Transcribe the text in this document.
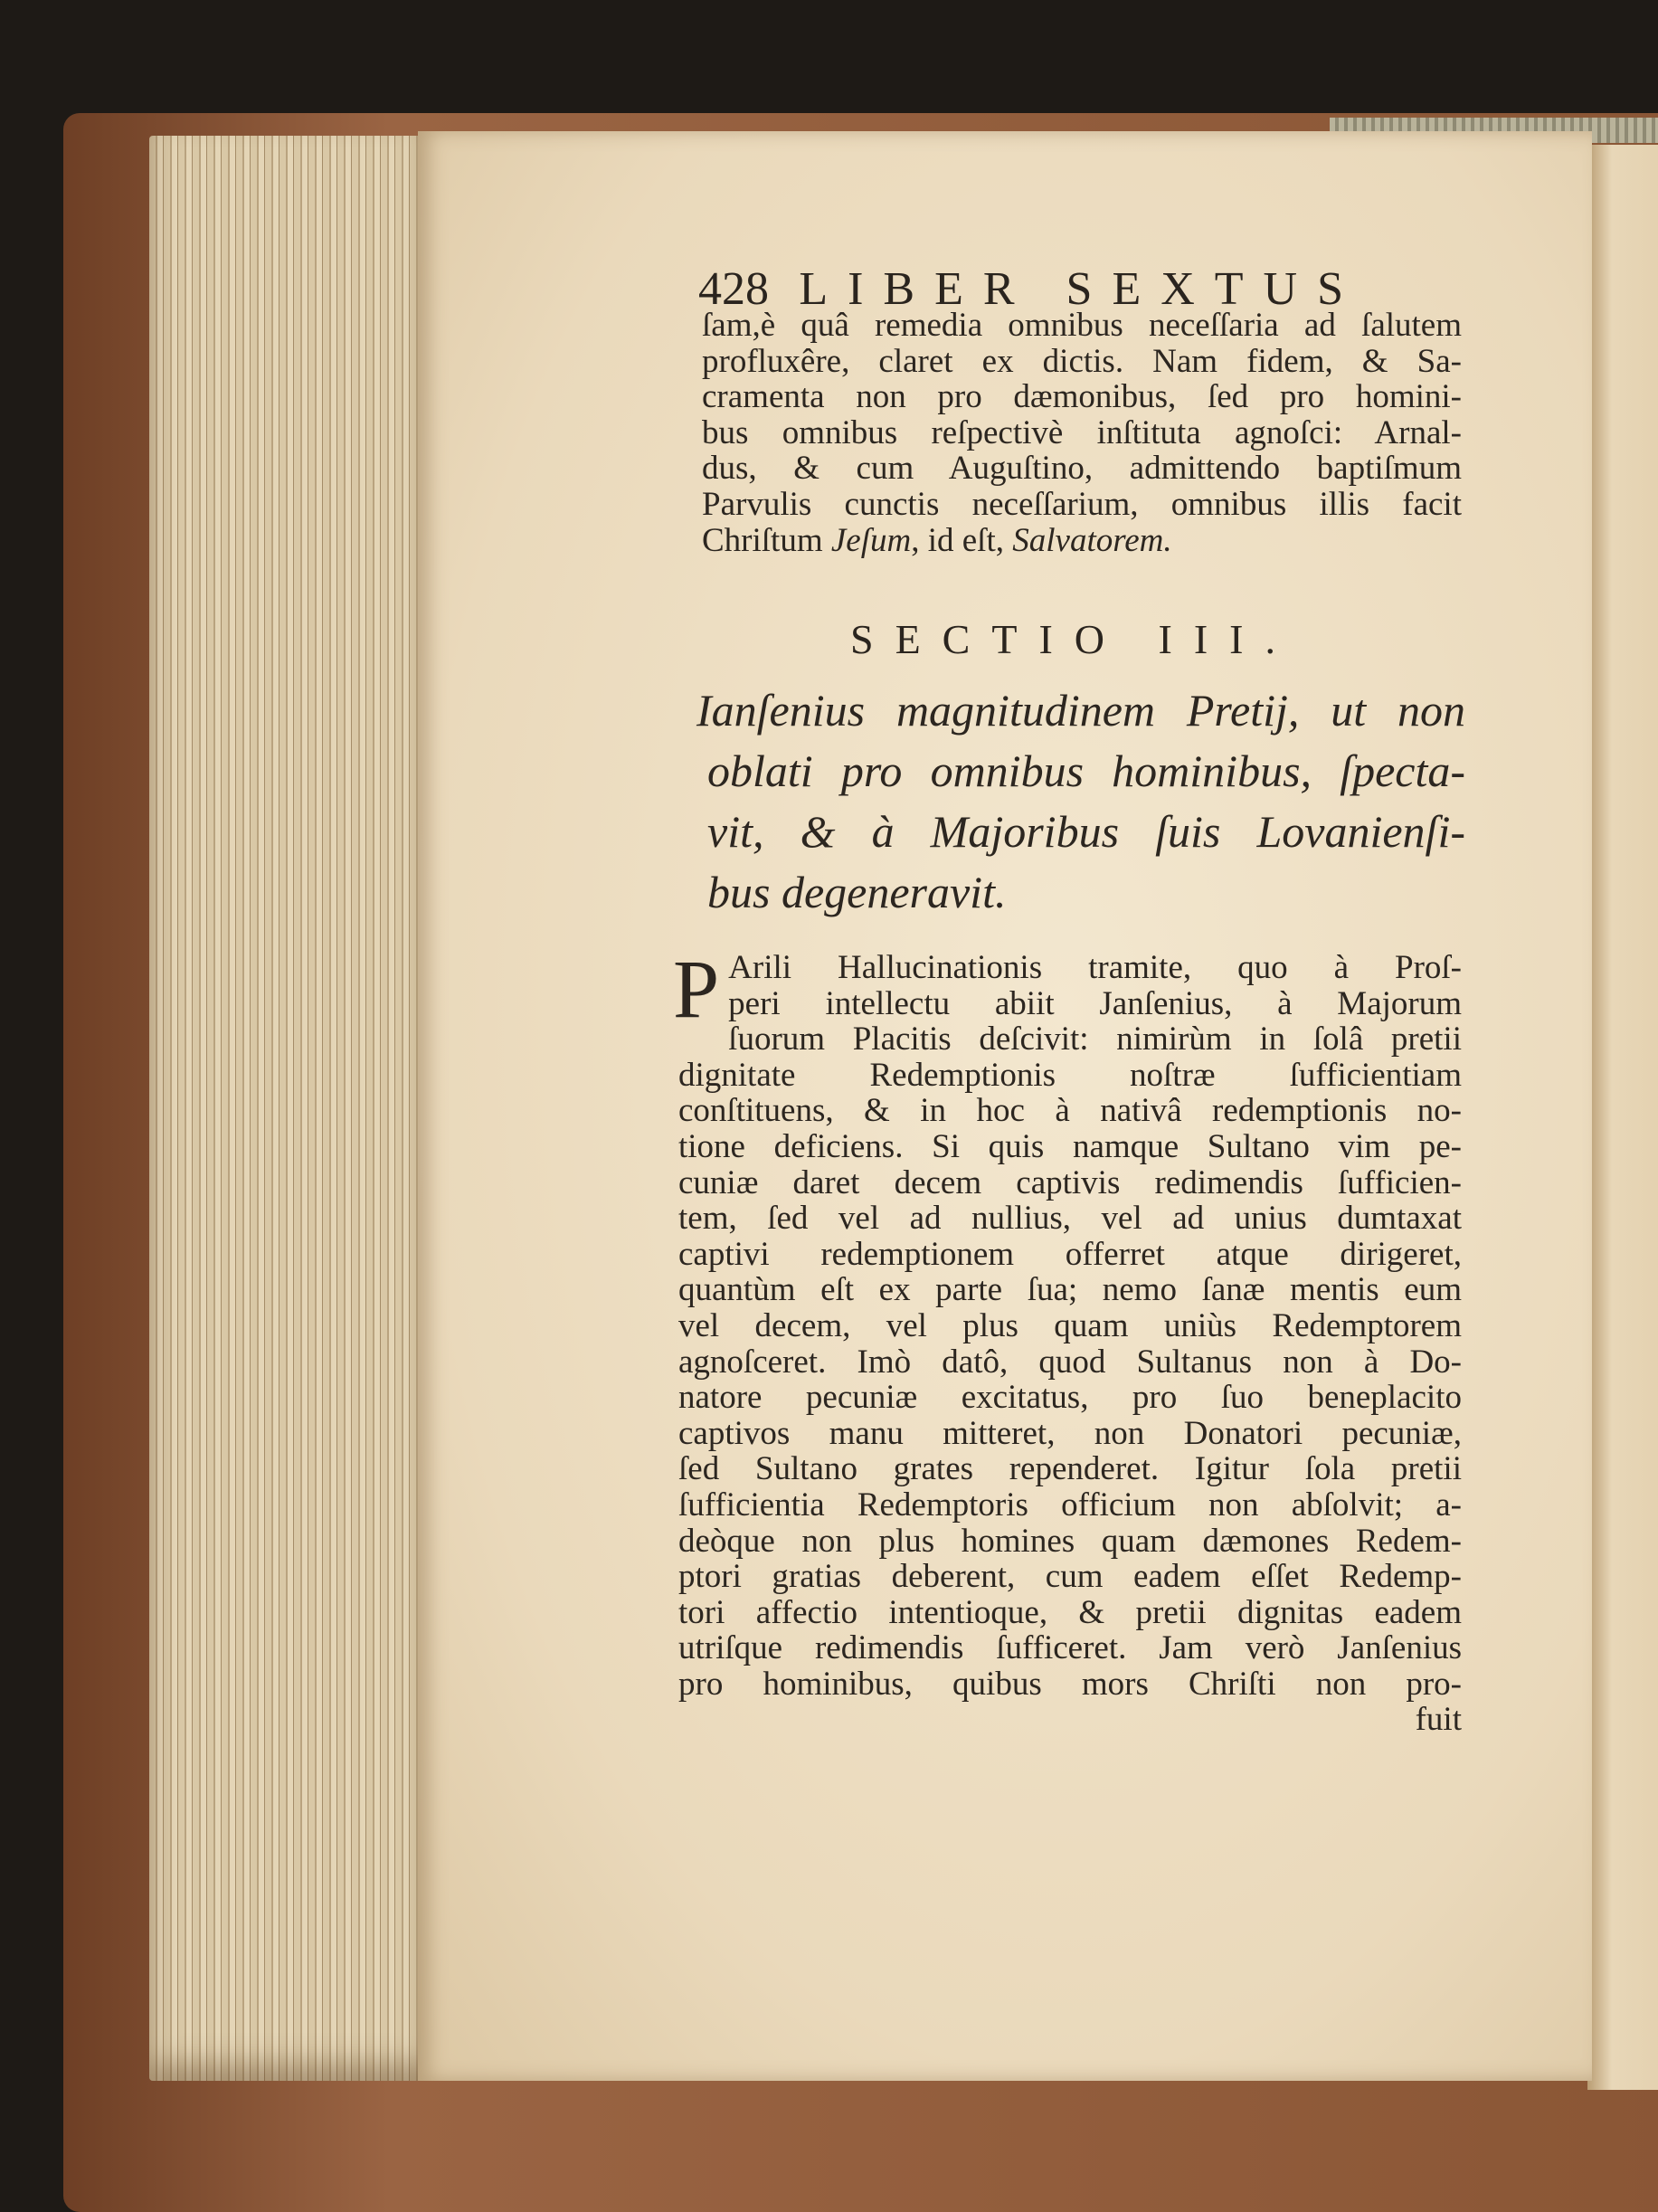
428 LIBER SEXTUS
ſam,è quâ remedia omnibus neceſſaria ad ſalutem
profluxêre, claret ex dictis. Nam fidem, & Sa-
cramenta non pro dæmonibus, ſed pro homini-
bus omnibus reſpectivè inſtituta agnoſci: Arnal-
dus, & cum Auguſtino, admittendo baptiſmum
Parvulis cunctis neceſſarium, omnibus illis facit
Chriſtum Jeſum, id eſt, Salvatorem.
SECTIO III.
Ianſenius magnitudinem Pretij, ut non
oblati pro omnibus hominibus, ſpecta-
vit, & à Majoribus ſuis Lovanienſi-
bus degeneravit.
P Arili Hallucinationis tramite, quo à Proſ-
peri intellectu abiit Janſenius, à Majorum
ſuorum Placitis deſcivit: nimirùm in ſolâ pretii
dignitate Redemptionis noſtræ ſufficientiam
conſtituens, & in hoc à nativâ redemptionis no-
tione deficiens. Si quis namque Sultano vim pe-
cuniæ daret decem captivis redimendis ſufficien-
tem, ſed vel ad nullius, vel ad unius dumtaxat
captivi redemptionem offerret atque dirigeret,
quantùm eſt ex parte ſua; nemo ſanæ mentis eum
vel decem, vel plus quam uniùs Redemptorem
agnoſceret. Imò datô, quod Sultanus non à Do-
natore pecuniæ excitatus, pro ſuo beneplacito
captivos manu mitteret, non Donatori pecuniæ,
ſed Sultano grates rependeret. Igitur ſola pretii
ſufficientia Redemptoris officium non abſolvit; a-
deòque non plus homines quam dæmones Redem-
ptori gratias deberent, cum eadem eſſet Redemp-
tori affectio intentioque, & pretii dignitas eadem
utriſque redimendis ſufficeret. Jam verò Janſenius
pro hominibus, quibus mors Chriſti non pro-
fuit
